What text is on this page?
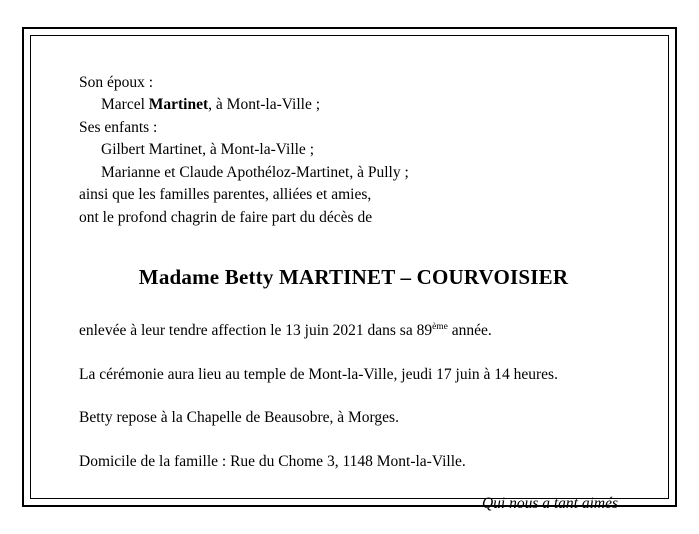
Son époux :
Marcel Martinet, à Mont-la-Ville ;
Ses enfants :
Gilbert Martinet, à Mont-la-Ville ;
Marianne et Claude Apothéloz-Martinet, à Pully ;
ainsi que les familles parentes, alliées et amies,
ont le profond chagrin de faire part du décès de
Madame Betty MARTINET – COURVOISIER
enlevée à leur tendre affection le 13 juin 2021 dans sa 89ème année.
La cérémonie aura lieu au temple de Mont-la-Ville, jeudi 17 juin à 14 heures.
Betty repose à la Chapelle de Beausobre, à Morges.
Domicile de la famille : Rue du Chome 3, 1148 Mont-la-Ville.
Qui nous a tant aimés
